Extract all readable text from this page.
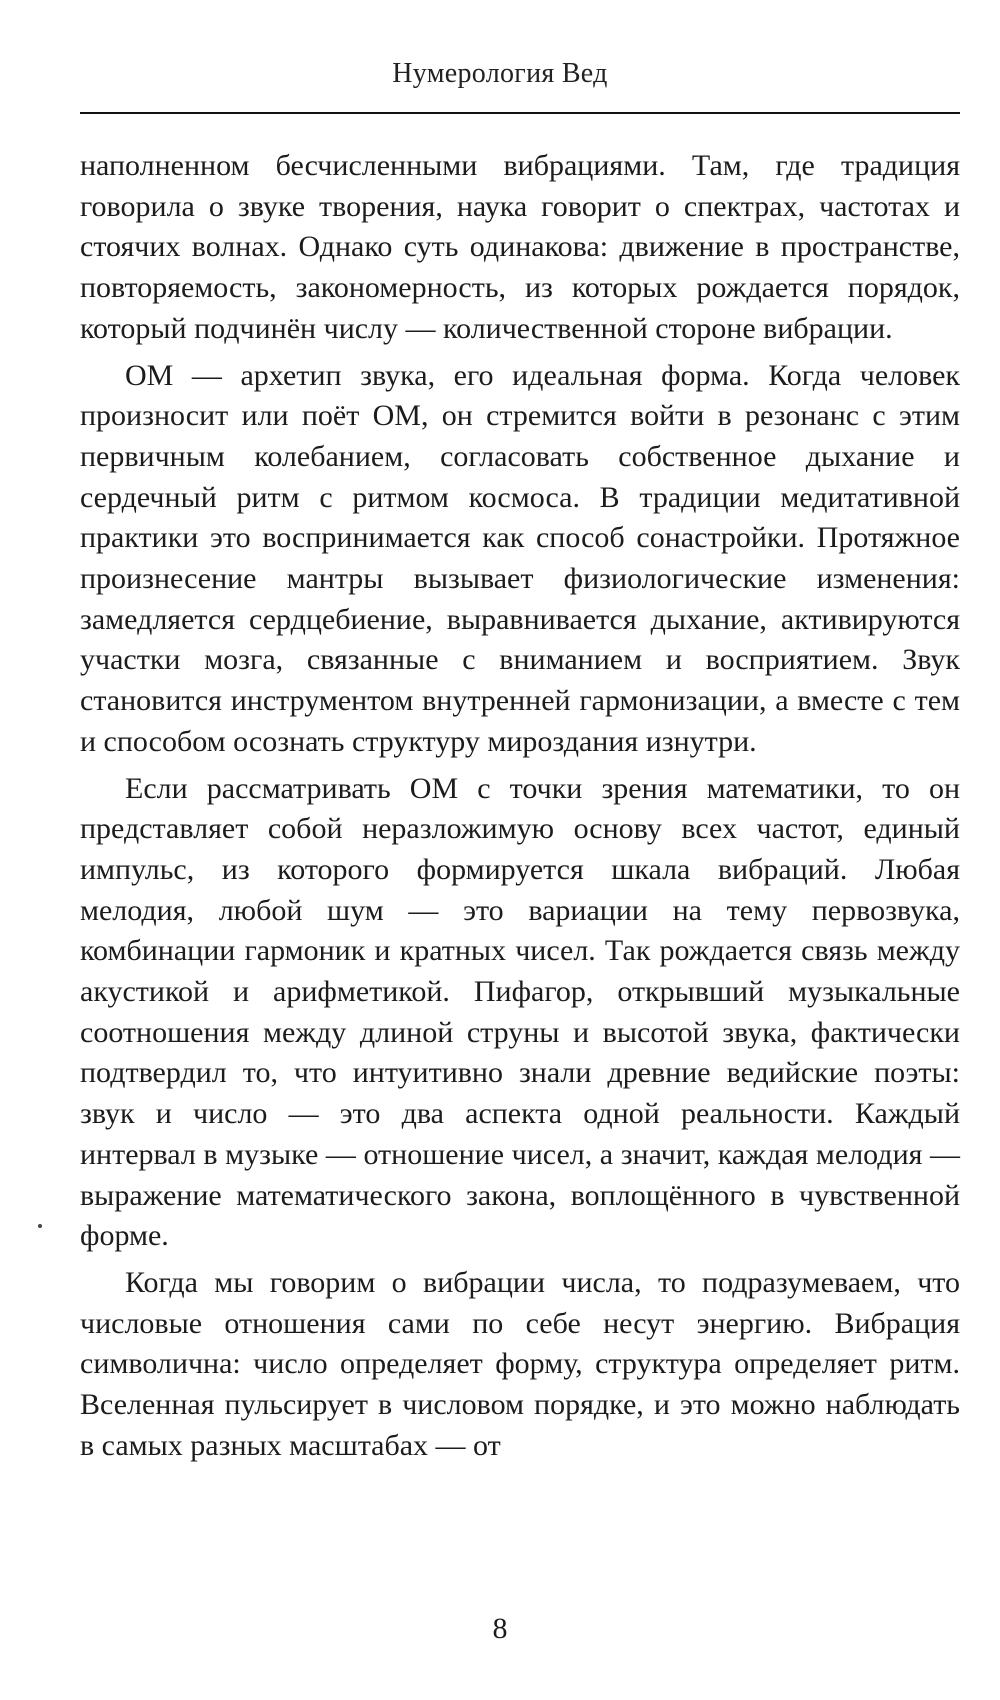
Нумерология Вед

наполненном бесчисленными вибрациями. Там, где традиция говорила о звуке творения, наука говорит о спектрах, частотах и стоячих волнах. Однако суть одинакова: движение в пространстве, повторяемость, закономерность, из которых рождается порядок, который подчинён числу — количественной стороне вибрации.

ОМ — архетип звука, его идеальная форма. Когда человек произносит или поёт ОМ, он стремится войти в резонанс с этим первичным колебанием, согласовать собственное дыхание и сердечный ритм с ритмом космоса. В традиции медитативной практики это воспринимается как способ сонастройки. Протяжное произнесение мантры вызывает физиологические изменения: замедляется сердцебиение, выравнивается дыхание, активируются участки мозга, связанные с вниманием и восприятием. Звук становится инструментом внутренней гармонизации, а вместе с тем и способом осознать структуру мироздания изнутри.

Если рассматривать ОМ с точки зрения математики, то он представляет собой неразложимую основу всех частот, единый импульс, из которого формируется шкала вибраций. Любая мелодия, любой шум — это вариации на тему первозвука, комбинации гармоник и кратных чисел. Так рождается связь между акустикой и арифметикой. Пифагор, открывший музыкальные соотношения между длиной струны и высотой звука, фактически подтвердил то, что интуитивно знали древние ведийские поэты: звук и число — это два аспекта одной реальности. Каждый интервал в музыке — отношение чисел, а значит, каждая мелодия — выражение математического закона, воплощённого в чувственной форме.

Когда мы говорим о вибрации числа, то подразумеваем, что числовые отношения сами по себе несут энергию. Вибрация символична: число определяет форму, структура определяет ритм. Вселенная пульсирует в числовом порядке, и это можно наблюдать в самых разных масштабах — от

8
